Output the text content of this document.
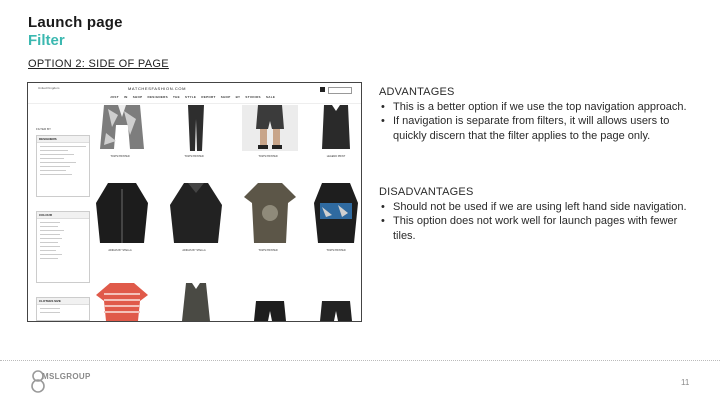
Launch page
Filter
OPTION 2: SIDE OF PAGE
United Kingdom	MATCHESFASHION.COM
JUST IN SHOP DESIGNERS THE STYLE REPORT SHOP BY STUDIOS SALE
FILTER BY
DESIGNERS
COLOUR
CLOTHES SIZE
TOM'S PRINTED	TOM'S PRINTED	TOM'S PRINTED	LEGEND PRINT
ADIDAS BY STELLA	ADIDAS BY STELLA	TOM'S PRINTED	TOM'S PRINTED
ADVANTAGES

• This is a better option if we use the top navigation approach.

• If navigation is separate from filters, it will allows users to quickly discern that the filter applies to the page only.

DISADVANTAGES

• Should not be used if we are using left hand side navigation.

• This option does not work well for launch pages with fewer tiles.

MSLGROUP
11
